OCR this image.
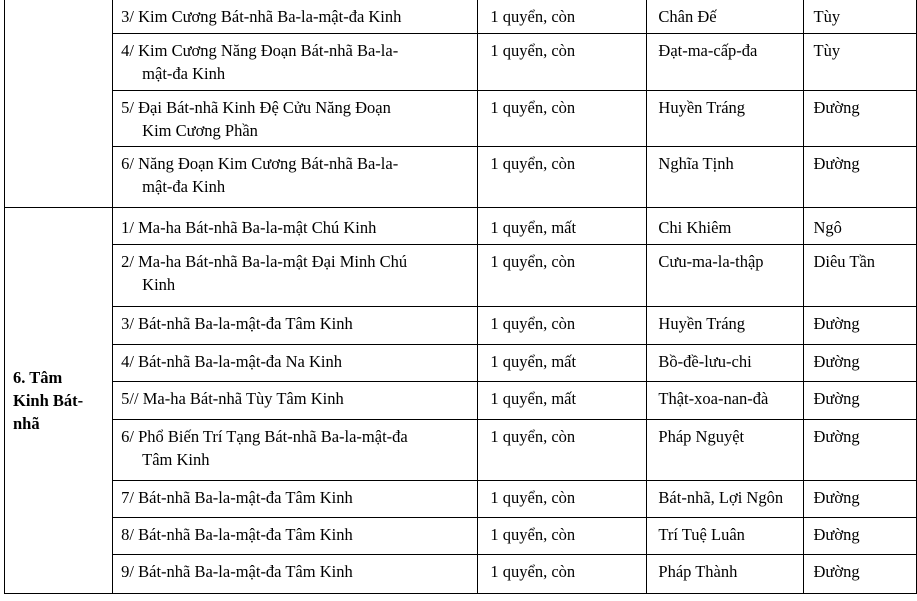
	3/ Kim Cương Bát-nhã Ba-la-mật-đa Kinh	1 quyển, còn	Chân Đế	Tùy

	4/ Kim Cương Năng Đoạn Bát-nhã Ba-la-
mật-đa Kinh	1 quyển, còn	Đạt-ma-cấp-đa	Tùy

	5/ Đại Bát-nhã Kinh Đệ Cửu Năng Đoạn
Kim Cương Phần	1 quyển, còn	Huyền Tráng	Đường

	6/ Năng Đoạn Kim Cương Bát-nhã Ba-la-
mật-đa Kinh	1 quyển, còn	Nghĩa Tịnh	Đường

6. Tâm
Kinh Bát-
nhã	1/ Ma-ha Bát-nhã Ba-la-mật Chú Kinh	1 quyển, mất	Chi Khiêm	Ngô

	2/ Ma-ha Bát-nhã Ba-la-mật Đại Minh Chú
Kinh	1 quyển, còn	Cưu-ma-la-thập	Diêu Tần

	3/ Bát-nhã Ba-la-mật-đa Tâm Kinh	1 quyển, còn	Huyền Tráng	Đường

	4/ Bát-nhã Ba-la-mật-đa Na Kinh	1 quyển, mất	Bồ-đề-lưu-chi	Đường

	5// Ma-ha Bát-nhã Tùy Tâm Kinh	1 quyển, mất	Thật-xoa-nan-đà	Đường

	6/ Phổ Biến Trí Tạng Bát-nhã Ba-la-mật-đa
Tâm Kinh	1 quyển, còn	Pháp Nguyệt	Đường

	7/ Bát-nhã Ba-la-mật-đa Tâm Kinh	1 quyển, còn	Bát-nhã, Lợi Ngôn	Đường

	8/ Bát-nhã Ba-la-mật-đa Tâm Kinh	1 quyển, còn	Trí Tuệ Luân	Đường

	9/ Bát-nhã Ba-la-mật-đa Tâm Kinh	1 quyển, còn	Pháp Thành	Đường
